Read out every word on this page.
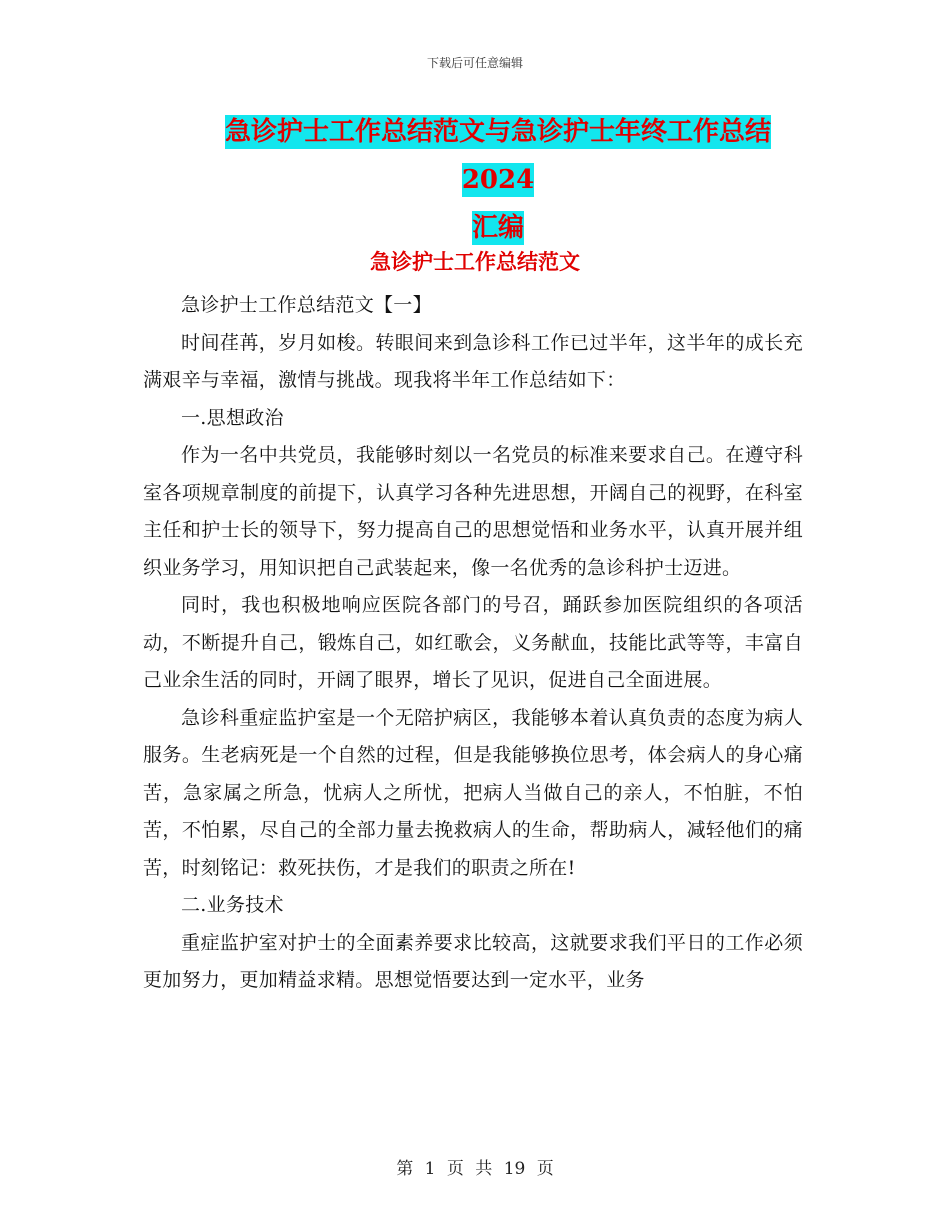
下载后可任意编辑
急诊护士工作总结范文与急诊护士年终工作总结 2024
汇编
急诊护士工作总结范文

急诊护士工作总结范文【一】

时间荏苒，岁月如梭。转眼间来到急诊科工作已过半年，这半年的成长充满艰辛与幸福，激情与挑战。现我将半年工作总结如下：

一.思想政治

作为一名中共党员，我能够时刻以一名党员的标准来要求自己。在遵守科室各项规章制度的前提下，认真学习各种先进思想，开阔自己的视野，在科室主任和护士长的领导下，努力提高自己的思想觉悟和业务水平，认真开展并组织业务学习，用知识把自己武装起来，像一名优秀的急诊科护士迈进。

同时，我也积极地响应医院各部门的号召，踊跃参加医院组织的各项活动，不断提升自己，锻炼自己，如红歌会，义务献血，技能比武等等，丰富自己业余生活的同时，开阔了眼界，增长了见识，促进自己全面进展。

急诊科重症监护室是一个无陪护病区，我能够本着认真负责的态度为病人服务。生老病死是一个自然的过程，但是我能够换位思考，体会病人的身心痛苦，急家属之所急，忧病人之所忧，把病人当做自己的亲人，不怕脏，不怕苦，不怕累，尽自己的全部力量去挽救病人的生命，帮助病人，减轻他们的痛苦，时刻铭记：救死扶伤，才是我们的职责之所在!

二.业务技术

重症监护室对护士的全面素养要求比较高，这就要求我们平日的工作必须更加努力，更加精益求精。思想觉悟要达到一定水平，业务

第 1 页 共 19 页
